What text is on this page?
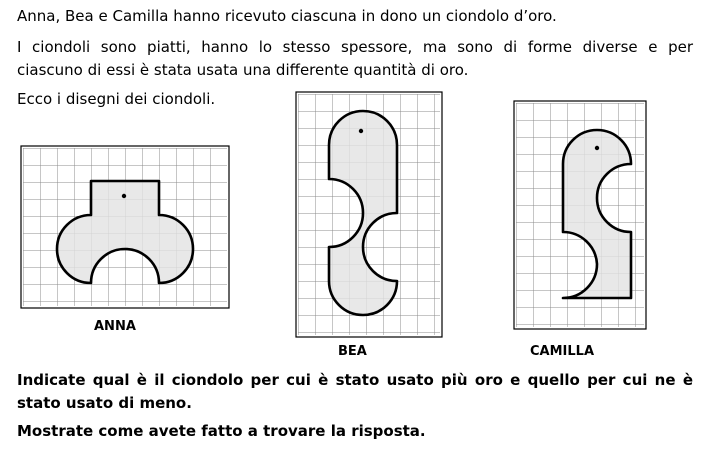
Anna, Bea e Camilla hanno ricevuto ciascuna in dono un ciondolo d’oro.

I ciondoli sono piatti, hanno lo stesso spessore, ma sono di forme diverse e per
ciascuno di essi è stata usata una differente quantità di oro.

Ecco i disegni dei ciondoli.

ANNA
BEA	CAMILLA
Indicate qual è il ciondolo per cui è stato usato più oro e quello per cui ne è
stato usato di meno.

Mostrate come avete fatto a trovare la risposta.
